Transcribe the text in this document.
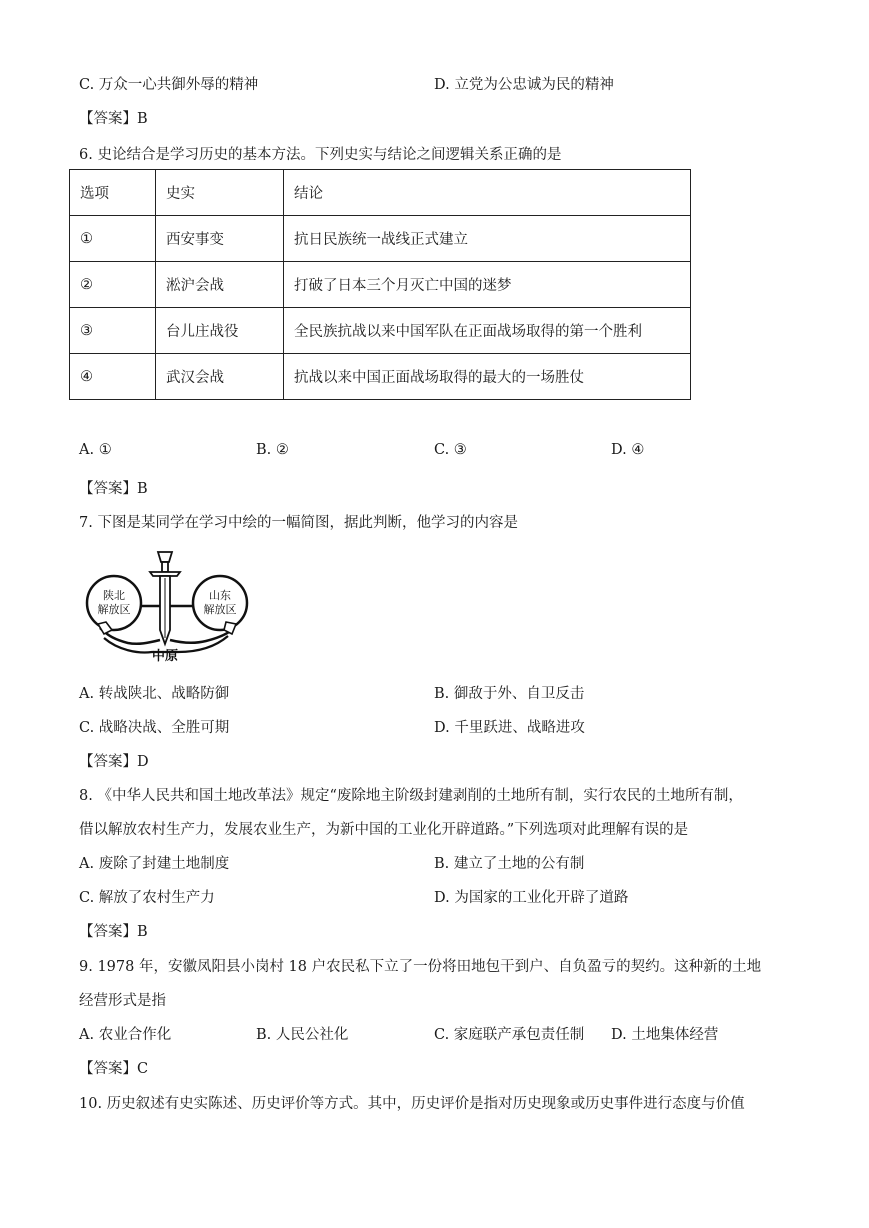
C. 万众一心共御外辱的精神	D. 立党为公忠诚为民的精神
【答案】B
6. 史论结合是学习历史的基本方法。下列史实与结论之间逻辑关系正确的是
选项	史实	结论
①	西安事变	抗日民族统一战线正式建立
②	淞沪会战	打破了日本三个月灭亡中国的迷梦
③	台儿庄战役	全民族抗战以来中国军队在正面战场取得的第一个胜利
④	武汉会战	抗战以来中国正面战场取得的最大的一场胜仗
A. ①	B. ②	C. ③	D. ④
【答案】B
7. 下图是某同学在学习中绘的一幅简图，据此判断，他学习的内容是
陕北
解放区
山东
解放区
中原
A. 转战陕北、战略防御	B. 御敌于外、自卫反击
C. 战略决战、全胜可期	D. 千里跃进、战略进攻
【答案】D
8. 《中华人民共和国土地改革法》规定“废除地主阶级封建剥削的土地所有制，实行农民的土地所有制，
借以解放农村生产力，发展农业生产，为新中国的工业化开辟道路。”下列选项对此理解有误的是
A. 废除了封建土地制度	B. 建立了土地的公有制
C. 解放了农村生产力	D. 为国家的工业化开辟了道路
【答案】B
9. 1978 年，安徽凤阳县小岗村 18 户农民私下立了一份将田地包干到户、自负盈亏的契约。这种新的土地
经营形式是指
A. 农业合作化	B. 人民公社化	C. 家庭联产承包责任制 D. 土地集体经营
【答案】C
10. 历史叙述有史实陈述、历史评价等方式。其中，历史评价是指对历史现象或历史事件进行态度与价值
